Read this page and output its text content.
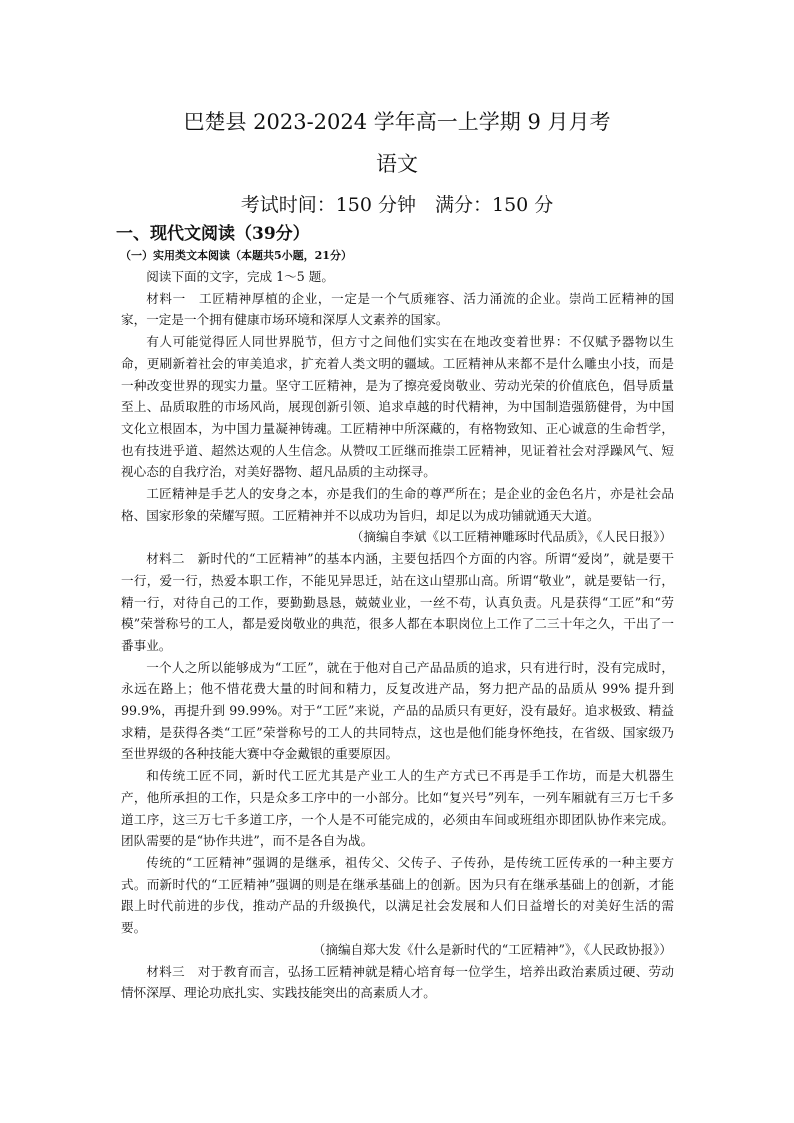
巴楚县 2023-2024 学年高一上学期 9 月月考
语文
考试时间：150 分钟　满分：150 分
一、现代文阅读（39分）
（一）实用类文本阅读（本题共5小题，21分）

阅读下面的文字，完成 1～5 题。

材料一　工匠精神厚植的企业，一定是一个气质雍容、活力涌流的企业。崇尚工匠精神的国家，一定是一个拥有健康市场环境和深厚人文素养的国家。

有人可能觉得匠人同世界脱节，但方寸之间他们实实在在地改变着世界：不仅赋予器物以生命，更刷新着社会的审美追求，扩充着人类文明的疆域。工匠精神从来都不是什么雕虫小技，而是一种改变世界的现实力量。坚守工匠精神，是为了擦亮爱岗敬业、劳动光荣的价值底色，倡导质量至上、品质取胜的市场风尚，展现创新引领、追求卓越的时代精神，为中国制造强筋健骨，为中国文化立根固本，为中国力量凝神铸魂。工匠精神中所深藏的，有格物致知、正心诚意的生命哲学，也有技进乎道、超然达观的人生信念。从赞叹工匠继而推崇工匠精神，见证着社会对浮躁风气、短视心态的自我疗治，对美好器物、超凡品质的主动探寻。

工匠精神是手艺人的安身之本，亦是我们的生命的尊严所在；是企业的金色名片，亦是社会品格、国家形象的荣耀写照。工匠精神并不以成功为旨归，却足以为成功铺就通天大道。

（摘编自李斌《以工匠精神雕琢时代品质》，《人民日报》）

材料二　新时代的“工匠精神”的基本内涵，主要包括四个方面的内容。所谓“爱岗”，就是要干一行，爱一行，热爱本职工作，不能见异思迁，站在这山望那山高。所谓“敬业”，就是要钻一行，精一行，对待自己的工作，要勤勤恳恳，兢兢业业，一丝不苟，认真负责。凡是获得“工匠”和“劳模”荣誉称号的工人，都是爱岗敬业的典范，很多人都在本职岗位上工作了二三十年之久，干出了一番事业。

一个人之所以能够成为“工匠”，就在于他对自己产品品质的追求，只有进行时，没有完成时，永远在路上；他不惜花费大量的时间和精力，反复改进产品，努力把产品的品质从 99% 提升到 99.9%，再提升到 99.99%。对于“工匠”来说，产品的品质只有更好，没有最好。追求极致、精益求精，是获得各类“工匠”荣誉称号的工人的共同特点，这也是他们能身怀绝技，在省级、国家级乃至世界级的各种技能大赛中夺金戴银的重要原因。

和传统工匠不同，新时代工匠尤其是产业工人的生产方式已不再是手工作坊，而是大机器生产，他所承担的工作，只是众多工序中的一小部分。比如“复兴号”列车，一列车厢就有三万七千多道工序，这三万七千多道工序，一个人是不可能完成的，必须由车间或班组亦即团队协作来完成。团队需要的是“协作共进”，而不是各自为战。

传统的“工匠精神”强调的是继承，祖传父、父传子、子传孙，是传统工匠传承的一种主要方式。而新时代的“工匠精神”强调的则是在继承基础上的创新。因为只有在继承基础上的创新，才能跟上时代前进的步伐，推动产品的升级换代，以满足社会发展和人们日益增长的对美好生活的需要。

（摘编自郑大发《什么是新时代的“工匠精神”》，《人民政协报》）

材料三　对于教育而言，弘扬工匠精神就是精心培育每一位学生，培养出政治素质过硬、劳动情怀深厚、理论功底扎实、实践技能突出的高素质人才。
